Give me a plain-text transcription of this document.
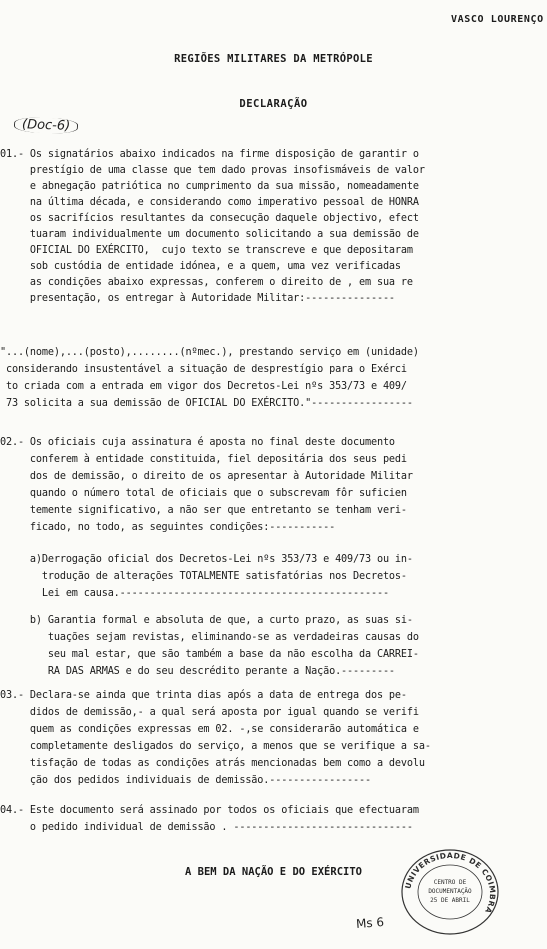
VASCO LOURENÇO
REGIÕES MILITARES DA METRÓPOLE
DECLARAÇÃO
(Doc-6)
01.- Os signatários abaixo indicados na firme disposição de garantir o
prestígio de uma classe que tem dado provas insofismáveis de valor
e abnegação patriótica no cumprimento da sua missão, nomeadamente
na última década, e considerando como imperativo pessoal de HONRA
os sacrifícios resultantes da consecução daquele objectivo, efect
tuaram individualmente um documento solicitando a sua demissão de
OFICIAL DO EXÉRCITO,  cujo texto se transcreve e que depositaram
sob custódia de entidade idónea, e a quem, uma vez verificadas
as condições abaixo expressas, conferem o direito de , em sua re
presentação, os entregar à Autoridade Militar:---------------
"...(nome),...(posto),........(nºmec.), prestando serviço em (unidade)
considerando insustentável a situação de desprestígio para o Exérci
to criada com a entrada em vigor dos Decretos-Lei nºs 353/73 e 409/
73 solicita a sua demissão de OFICIAL DO EXÉRCITO."-----------------
02.- Os oficiais cuja assinatura é aposta no final deste documento
conferem à entidade constituida, fiel depositária dos seus pedi
dos de demissão, o direito de os apresentar à Autoridade Militar
quando o número total de oficiais que o subscrevam fôr suficien
temente significativo, a não ser que entretanto se tenham veri-
ficado, no todo, as seguintes condições:-----------
a)Derrogação oficial dos Decretos-Lei nºs 353/73 e 409/73 ou in-
trodução de alterações TOTALMENTE satisfatórias nos Decretos-
Lei em causa.---------------------------------------------
b) Garantia formal e absoluta de que, a curto prazo, as suas si-
tuações sejam revistas, eliminando-se as verdadeiras causas do
seu mal estar, que são também a base da não escolha da CARREI-
RA DAS ARMAS e do seu descrédito perante a Nação.---------
03.- Declara-se ainda que trinta dias após a data de entrega dos pe-
didos de demissão,- a qual será aposta por igual quando se verifi
quem as condições expressas em 02. -,se considerarão automática e
completamente desligados do serviço, a menos que se verifique a sa-
tisfação de todas as condições atrás mencionadas bem como a devolu
ção dos pedidos individuais de demissão.-----------------
04.- Este documento será assinado por todos os oficiais que efectuaram
o pedido individual de demissão . ------------------------------
A BEM DA NAÇÃO E DO EXÉRCITO
Ms 6
UNIVERSIDADE DE COIMBRA
CENTRO DE
DOCUMENTAÇÃO
25 DE ABRIL
